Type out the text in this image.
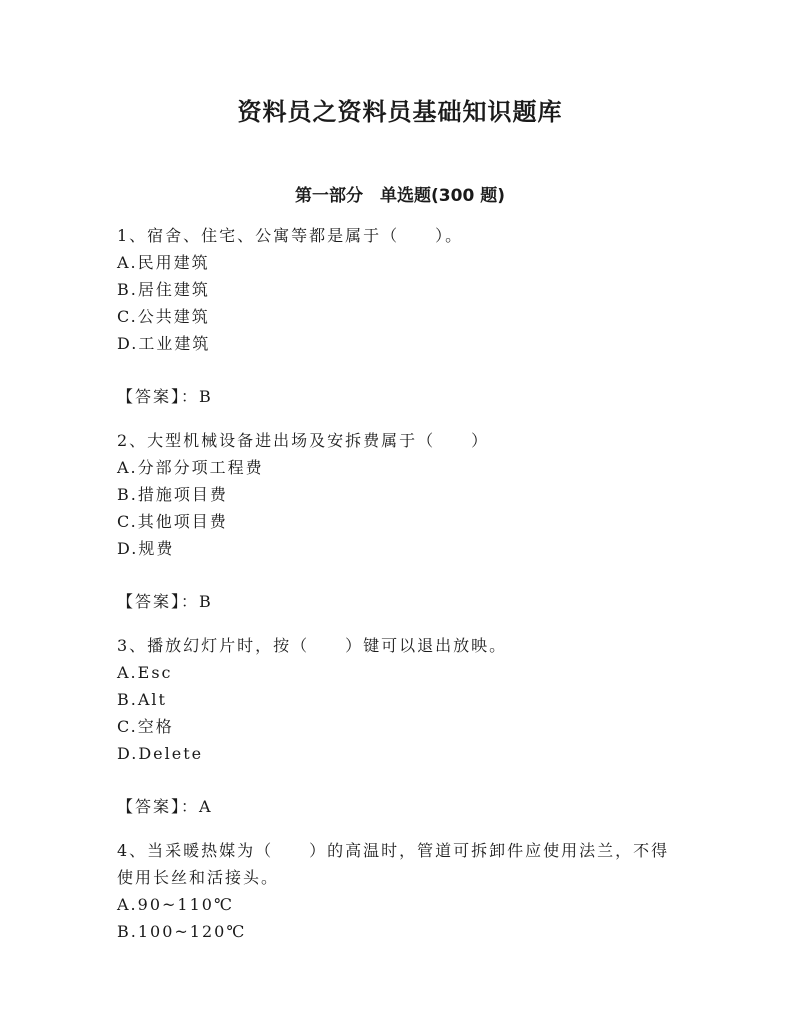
资料员之资料员基础知识题库
第一部分　单选题(300 题)

1、宿舍、住宅、公寓等都是属于（　　）。

A.民用建筑

B.居住建筑

C.公共建筑

D.工业建筑

【答案】：B

2、大型机械设备进出场及安拆费属于（　　）

A.分部分项工程费

B.措施项目费

C.其他项目费

D.规费

【答案】：B

3、播放幻灯片时，按（　　）键可以退出放映。

A.Esc

B.Alt

C.空格

D.Delete

【答案】：A

4、当采暖热媒为（　　）的高温时，管道可拆卸件应使用法兰，不得使用长丝和活接头。

A.90~110℃

B.100~120℃
